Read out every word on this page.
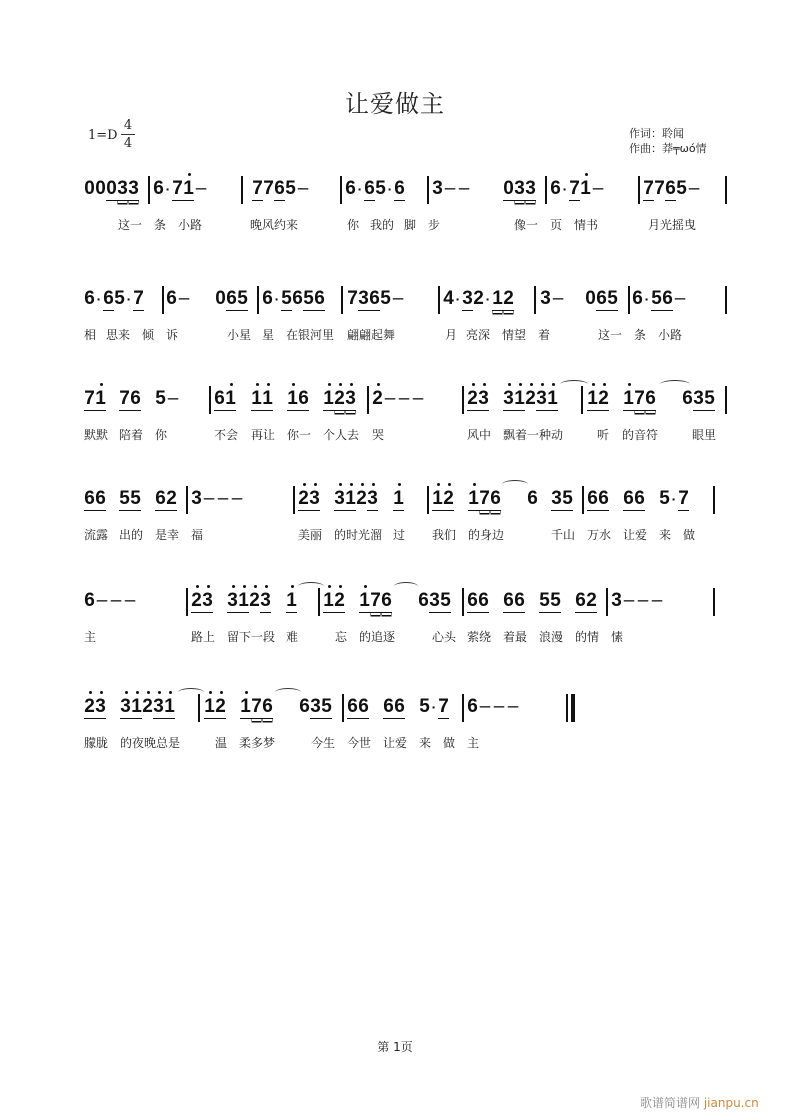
让爱做主
1=D
4
4
作词：聆闻
作曲：莽╤ωό情
00033 6 ·71 – 7765 – 6 ·65 ·6 3 – – 033 6 ·71 – 7765 –
这一 条 小路	晚风约来	你 我的 脚 步	像一 页 情书	月光摇曳
6 ·65 ·7 6 – 065 6 ·5656 7365 – 4 ·32 ·12 3 – 065 6 ·56 –
相 思来 倾 诉	小星 星 在银河里 翩翩起舞	月 亮深 情望 着	这一 条 小路
71 76 5 – 61 1
1 1
6 1
2
3 2 – – – 2
3 3
1
2
3
1 1
2 1
76 635
默默 陪着 你	不会 再让 你一 个人去 哭	风中 飘着一种动	听 的音符	眼里
66 55 62 3 – – –	2
3 3
1
2
3 1 1
2 1
76 6 35 66 66 5 ·7
流露 出的 是幸 福	美丽 的时光溜 过 我们 的身边	千山 万水 让爱 来 做
6 – – –	2
3 3
1
2
3 1 1
2 1
76 635 66 66 55 62 3 – – –
主	路上 留下一段 难	忘 的追逐	心头 萦绕 着最 浪漫 的情 愫
2
3 3
1
2
3
1 1
2 1
76 635 66 66 5 ·7 6 – – –
朦胧 的夜晚总是	温 柔多梦	今生 今世 让爱 来 做 主
第 1页
歌谱简谱网 jianpu.cn
